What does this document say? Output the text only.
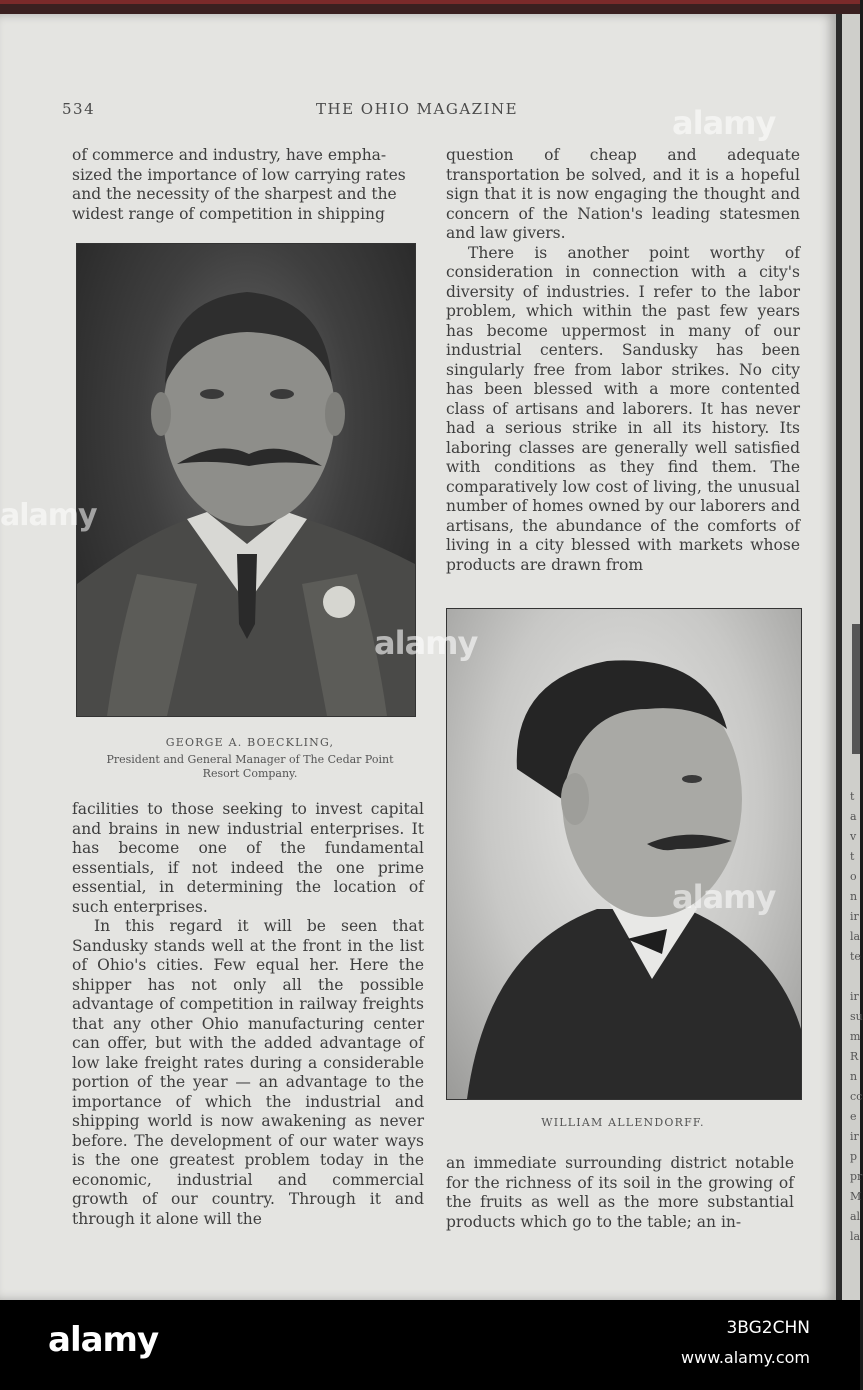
534	THE OHIO MAGAZINE
of commerce and industry, have empha-
sized the importance of low carrying rates
and the necessity of the sharpest and the
widest range of competition in shipping
GEORGE A. BOECKLING,
President and General Manager of The Cedar Point
Resort Company.

facilities to those seeking to invest capital and brains in new industrial enterprises. It has become one of the fundamental essentials, if not indeed the one prime essential, in determining the location of such enterprises.

In this regard it will be seen that Sandusky stands well at the front in the list of Ohio's cities. Few equal her. Here the shipper has not only all the possible advantage of competition in railway freights that any other Ohio manufacturing center can offer, but with the added advantage of low lake freight rates during a considerable portion of the year — an advantage to the importance of which the industrial and shipping world is now awakening as never before. The development of our water ways is the one greatest problem today in the economic, industrial and commercial growth of our country. Through it and through it alone will the

question of cheap and adequate transportation be solved, and it is a hopeful sign that it is now engaging the thought and concern of the Nation's leading statesmen and law givers.

There is another point worthy of consideration in connection with a city's diversity of industries. I refer to the labor problem, which within the past few years has become uppermost in many of our industrial centers. Sandusky has been singularly free from labor strikes. No city has been blessed with a more contented class of artisans and laborers. It has never had a serious strike in all its history. Its laboring classes are generally well satisfied with conditions as they find them. The comparatively low cost of living, the unusual number of homes owned by our laborers and artisans, the abundance of the comforts of living in a city blessed with markets whose products are drawn from

WILLIAM ALLENDORFF.

an immediate surrounding district notable for the richness of its soil in the growing of the fruits as well as the more substantial products which go to the table; an in-

t
a
v
t
o
n
ir
la
te
ir
su
m
R
n
cc
e
ir
p
pr
M
al
la
alamy
alamy
alamy
alamy
alamy	3BG2CHN
www.alamy.com
